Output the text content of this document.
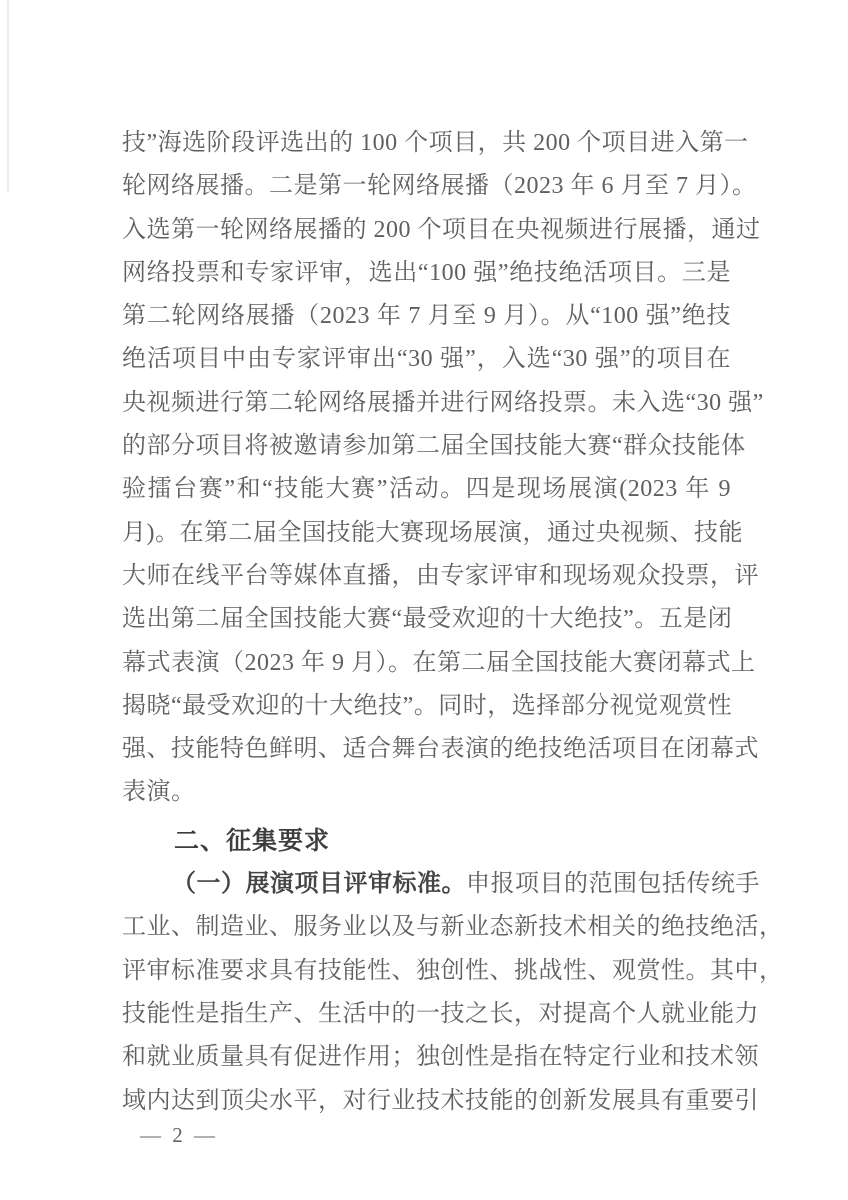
技”海选阶段评选出的 100 个项目，共 200 个项目进入第一
轮网络展播。二是第一轮网络展播（2023 年 6 月至 7 月）。
入选第一轮网络展播的 200 个项目在央视频进行展播，通过
网络投票和专家评审，选出“100 强”绝技绝活项目。三是
第二轮网络展播（2023 年 7 月至 9 月）。从“100 强”绝技
绝活项目中由专家评审出“30 强”，入选“30 强”的项目在
央视频进行第二轮网络展播并进行网络投票。未入选“30 强”
的部分项目将被邀请参加第二届全国技能大赛“群众技能体
验擂台赛”和“技能大赛”活动。四是现场展演(2023 年 9
月)。在第二届全国技能大赛现场展演，通过央视频、技能
大师在线平台等媒体直播，由专家评审和现场观众投票，评
选出第二届全国技能大赛“最受欢迎的十大绝技”。五是闭
幕式表演（2023 年 9 月）。在第二届全国技能大赛闭幕式上
揭晓“最受欢迎的十大绝技”。同时，选择部分视觉观赏性
强、技能特色鲜明、适合舞台表演的绝技绝活项目在闭幕式
表演。
二、征集要求
（一）展演项目评审标准。申报项目的范围包括传统手
工业、制造业、服务业以及与新业态新技术相关的绝技绝活，
评审标准要求具有技能性、独创性、挑战性、观赏性。其中，
技能性是指生产、生活中的一技之长，对提高个人就业能力
和就业质量具有促进作用；独创性是指在特定行业和技术领
域内达到顶尖水平，对行业技术技能的创新发展具有重要引
— 2 —
